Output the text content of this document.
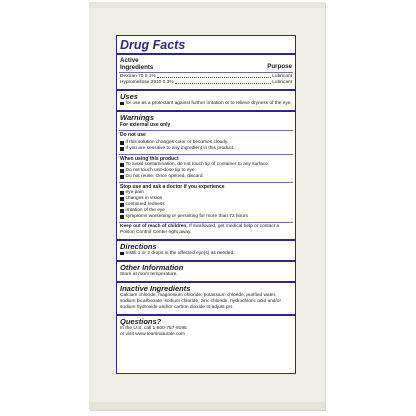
Drug Facts
Active
Ingredients	Purpose
Dextran 70 0.1%	Lubricant
Hypromellose 2910 0.3%	Lubricant
Uses
for use as a protectant against further irritation or to relieve dryness of the eye.
Warnings
For external use only
Do not use
if this solution changes color or becomes cloudy.
if you are sensitive to any ingredient in this product.
When using this product
To avoid contamination, do not touch tip of container to any surface.
Do not touch unit-dose tip to eye.
Do not reuse. Once opened, discard.
Stop use and ask a doctor if you experience
eye pain
changes in vision
continued redness
irritation of the eye
symptoms worsening or persisting for more than 72 hours
Keep out of reach of children. If swallowed, get medical help or contact a Poison Control Center right away.
Directions
Instill 1 or 2 drops in the affected eye(s) as needed.
Other Information
Store at room temperature.
Inactive Ingredients
Calcium chloride, magnesium chloride, potassium chloride, purified water, sodium bicarbonate, sodium chloride, zinc chloride, hydrochloric acid and/or sodium hydroxide and/or carbon dioxide to adjust pH.
Questions?
In the U.S. call 1-800-757-9195
or visit www.tearsnaturale.com
